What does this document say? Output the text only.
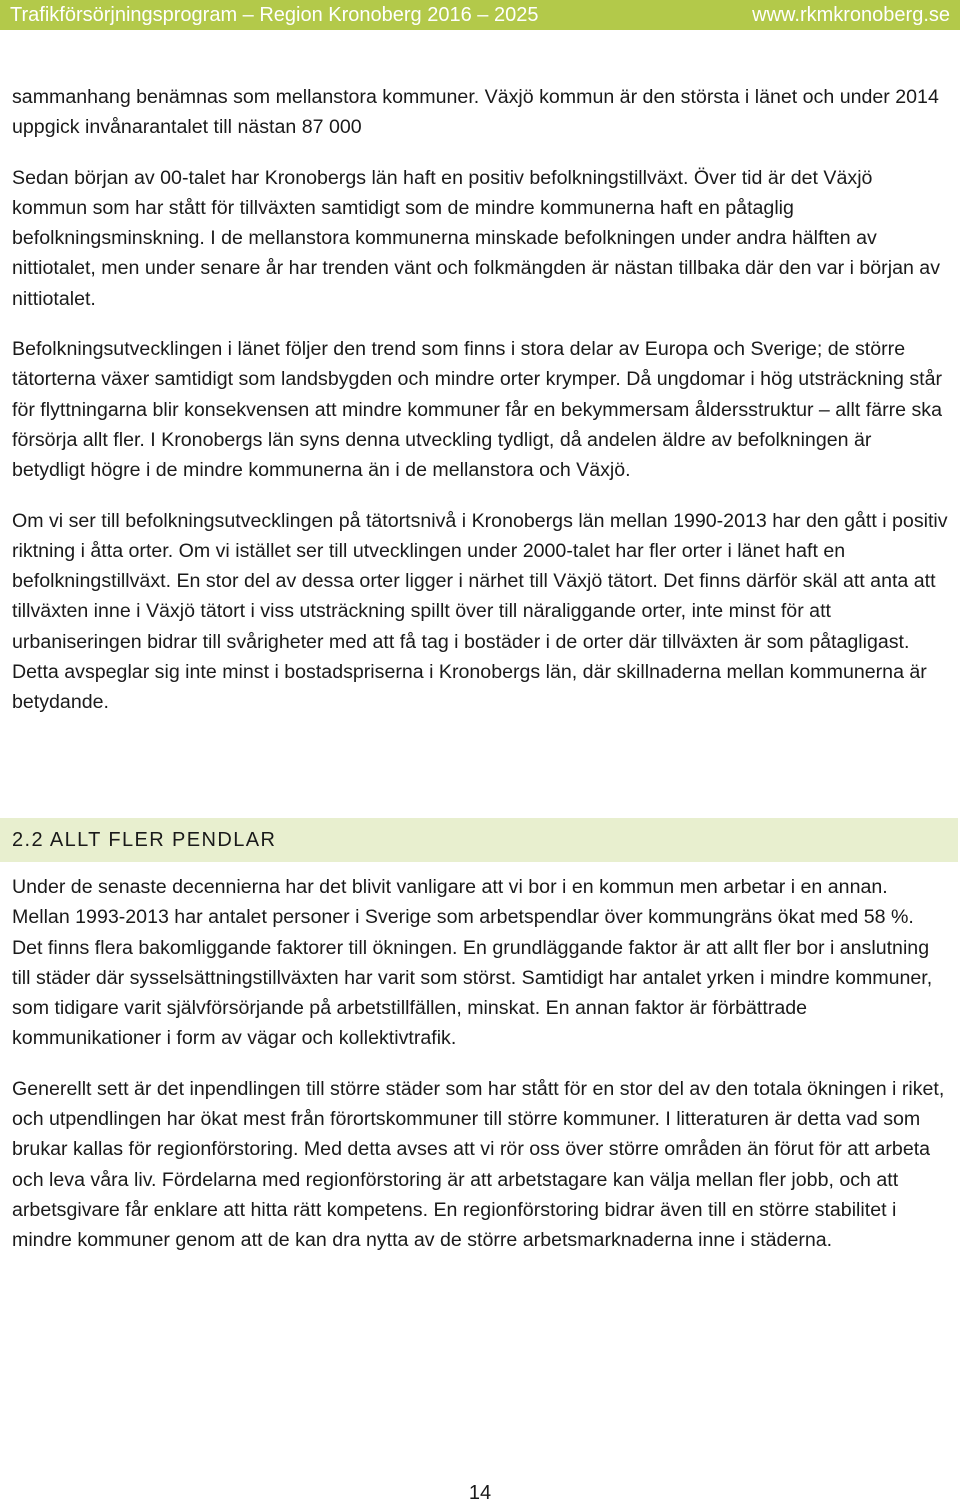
Trafikförsörjningsprogram – Region Kronoberg 2016 – 2025	www.rkmkronoberg.se

sammanhang benämnas som mellanstora kommuner. Växjö kommun är den största i länet och under 2014 uppgick invånarantalet till nästan 87 000

Sedan början av 00-talet har Kronobergs län haft en positiv befolkningstillväxt. Över tid är det Växjö kommun som har stått för tillväxten samtidigt som de mindre kommunerna haft en påtaglig befolkningsminskning. I de mellanstora kommunerna minskade befolkningen under andra hälften av nittiotalet, men under senare år har trenden vänt och folkmängden är nästan tillbaka där den var i början av nittiotalet.

Befolkningsutvecklingen i länet följer den trend som finns i stora delar av Europa och Sverige; de större tätorterna växer samtidigt som landsbygden och mindre orter krymper. Då ungdomar i hög utsträckning står för flyttningarna blir konsekvensen att mindre kommuner får en bekymmersam åldersstruktur – allt färre ska försörja allt fler. I Kronobergs län syns denna utveckling tydligt, då andelen äldre av befolkningen är betydligt högre i de mindre kommunerna än i de mellanstora och Växjö.

Om vi ser till befolkningsutvecklingen på tätortsnivå i Kronobergs län mellan 1990-2013 har den gått i positiv riktning i åtta orter. Om vi istället ser till utvecklingen under 2000-talet har fler orter i länet haft en befolkningstillväxt. En stor del av dessa orter ligger i närhet till Växjö tätort. Det finns därför skäl att anta att tillväxten inne i Växjö tätort i viss utsträckning spillt över till näraliggande orter, inte minst för att urbaniseringen bidrar till svårigheter med att få tag i bostäder i de orter där tillväxten är som påtagligast. Detta avspeglar sig inte minst i bostadspriserna i Kronobergs län, där skillnaderna mellan kommunerna är betydande.

2.2 ALLT FLER PENDLAR

Under de senaste decennierna har det blivit vanligare att vi bor i en kommun men arbetar i en annan. Mellan 1993-2013 har antalet personer i Sverige som arbetspendlar över kommungräns ökat med 58 %. Det finns flera bakomliggande faktorer till ökningen. En grundläggande faktor är att allt fler bor i anslutning till städer där sysselsättningstillväxten har varit som störst. Samtidigt har antalet yrken i mindre kommuner, som tidigare varit självförsörjande på arbetstillfällen, minskat. En annan faktor är förbättrade kommunikationer i form av vägar och kollektivtrafik.

Generellt sett är det inpendlingen till större städer som har stått för en stor del av den totala ökningen i riket, och utpendlingen har ökat mest från förortskommuner till större kommuner. I litteraturen är detta vad som brukar kallas för regionförstoring. Med detta avses att vi rör oss över större områden än förut för att arbeta och leva våra liv. Fördelarna med regionförstoring är att arbetstagare kan välja mellan fler jobb, och att arbetsgivare får enklare att hitta rätt kompetens. En regionförstoring bidrar även till en större stabilitet i mindre kommuner genom att de kan dra nytta av de större arbetsmarknaderna inne i städerna.

14
